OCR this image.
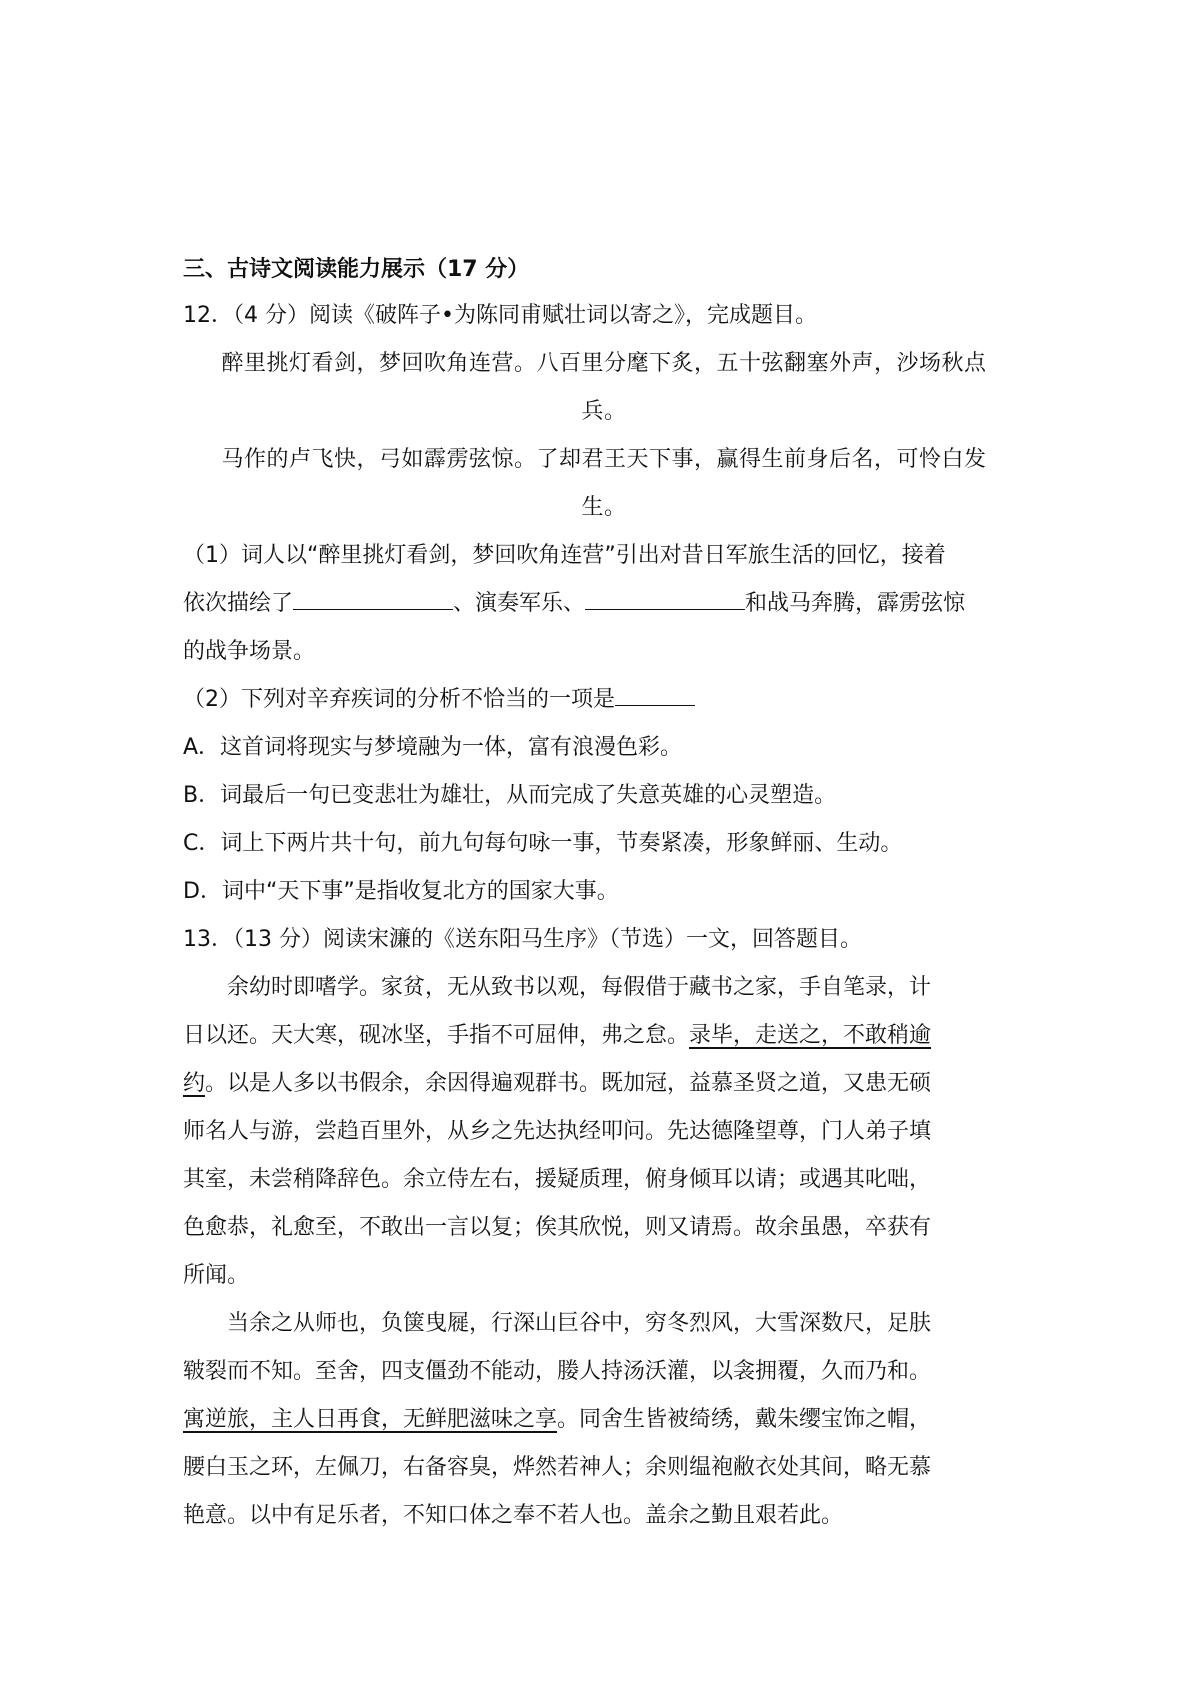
三、古诗文阅读能力展示（17 分）

12．（4 分）阅读《破阵子•为陈同甫赋壮词以寄之》，完成题目。

醉里挑灯看剑，梦回吹角连营。八百里分麾下炙，五十弦翻塞外声，沙场秋点

兵。

马作的卢飞快，弓如霹雳弦惊。了却君王天下事，赢得生前身后名，可怜白发

生。

（1）词人以“醉里挑灯看剑，梦回吹角连营”引出对昔日军旅生活的回忆，接着

依次描绘了	、演奏军乐、	和战马奔腾，霹雳弦惊

的战争场景。

（2）下列对辛弃疾词的分析不恰当的一项是

A．这首词将现实与梦境融为一体，富有浪漫色彩。

B．词最后一句已变悲壮为雄壮，从而完成了失意英雄的心灵塑造。

C．词上下两片共十句，前九句每句咏一事，节奏紧凑，形象鲜丽、生动。

D．词中“天下事”是指收复北方的国家大事。

13．（13 分）阅读宋濂的《送东阳马生序》（节选）一文，回答题目。

余幼时即嗜学。家贫，无从致书以观，每假借于藏书之家，手自笔录，计

日以还。天大寒，砚冰坚，手指不可屈伸，弗之怠。录毕，走送之，不敢稍逾

约。以是人多以书假余，余因得遍观群书。既加冠，益慕圣贤之道，又患无硕

师名人与游，尝趋百里外，从乡之先达执经叩问。先达德隆望尊，门人弟子填

其室，未尝稍降辞色。余立侍左右，援疑质理，俯身倾耳以请；或遇其叱咄，

色愈恭，礼愈至，不敢出一言以复；俟其欣悦，则又请焉。故余虽愚，卒获有

所闻。

当余之从师也，负箧曳屣，行深山巨谷中，穷冬烈风，大雪深数尺，足肤

皲裂而不知。至舍，四支僵劲不能动，媵人持汤沃灌，以衾拥覆，久而乃和。

寓逆旅，主人日再食，无鲜肥滋味之享。同舍生皆被绮绣，戴朱缨宝饰之帽，

腰白玉之环，左佩刀，右备容臭，烨然若神人；余则缊袍敝衣处其间，略无慕

艳意。以中有足乐者，不知口体之奉不若人也。盖余之勤且艰若此。
